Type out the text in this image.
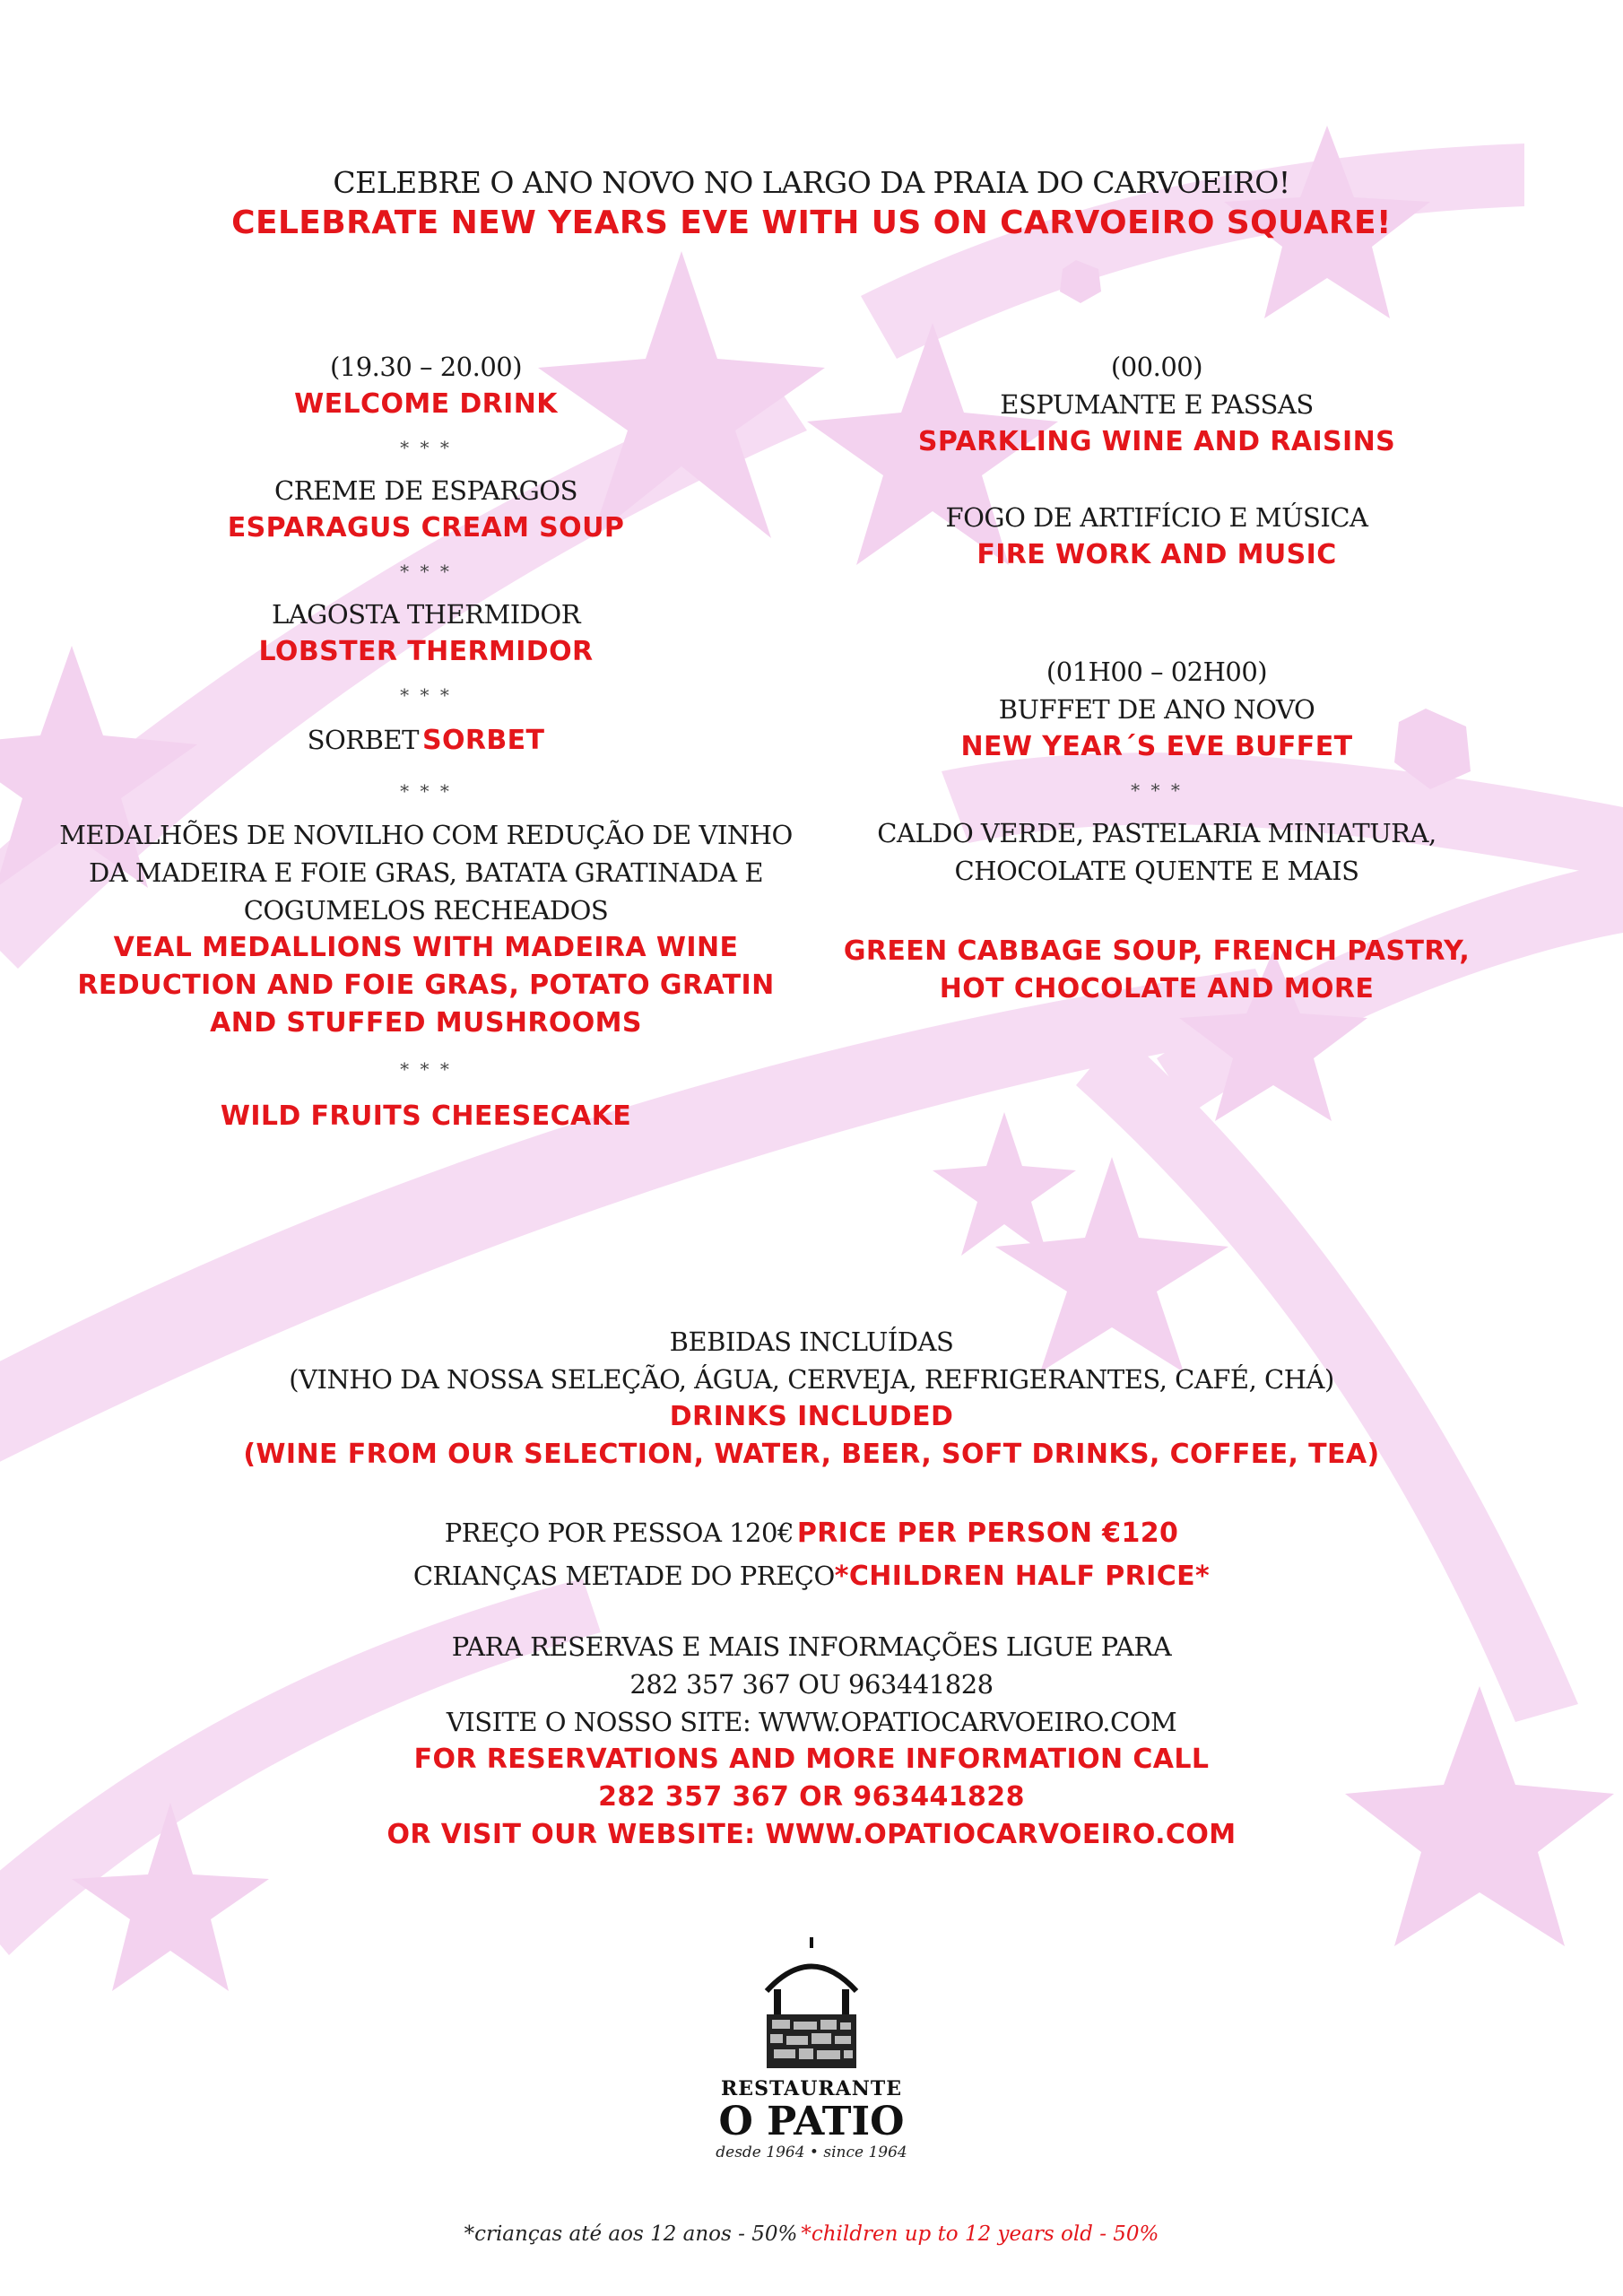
CELEBRE O ANO NOVO NO LARGO DA PRAIA DO CARVOEIRO!
CELEBRATE NEW YEARS EVE WITH US ON CARVOEIRO SQUARE!
(19.30 – 20.00)
WELCOME DRINK
* * *
CREME DE ESPARGOS
ESPARAGUS CREAM SOUP
* * *
LAGOSTA THERMIDOR
LOBSTER THERMIDOR
* * *
SORBET SORBET
* * *
MEDALHÕES DE NOVILHO COM REDUÇÃO DE VINHO
DA MADEIRA E FOIE GRAS, BATATA GRATINADA E
COGUMELOS RECHEADOS
VEAL MEDALLIONS WITH MADEIRA WINE
REDUCTION AND FOIE GRAS, POTATO GRATIN
AND STUFFED MUSHROOMS
* * *
WILD FRUITS CHEESECAKE
(00.00)
ESPUMANTE E PASSAS
SPARKLING WINE AND RAISINS
FOGO DE ARTIFÍCIO E MÚSICA
FIRE WORK AND MUSIC
(01H00 – 02H00)
BUFFET DE ANO NOVO
NEW YEAR´S EVE BUFFET
* * *
CALDO VERDE, PASTELARIA MINIATURA,
CHOCOLATE QUENTE E MAIS
GREEN CABBAGE SOUP, FRENCH PASTRY,
HOT CHOCOLATE AND MORE
BEBIDAS INCLUÍDAS
(VINHO DA NOSSA SELEÇÃO, ÁGUA, CERVEJA, REFRIGERANTES, CAFÉ, CHÁ)
DRINKS INCLUDED
(WINE FROM OUR SELECTION, WATER, BEER, SOFT DRINKS, COFFEE, TEA)
PREÇO POR PESSOA 120€ PRICE PER PERSON €120
CRIANÇAS METADE DO PREÇO*CHILDREN HALF PRICE*
PARA RESERVAS E MAIS INFORMAÇÕES LIGUE PARA
282 357 367 OU 963441828
VISITE O NOSSO SITE: WWW.OPATIOCARVOEIRO.COM
FOR RESERVATIONS AND MORE INFORMATION CALL
282 357 367 OR 963441828
OR VISIT OUR WEBSITE: WWW.OPATIOCARVOEIRO.COM
RESTAURANTE
O PATIO
desde 1964 • since 1964
*crianças até aos 12 anos - 50% *children up to 12 years old - 50%
